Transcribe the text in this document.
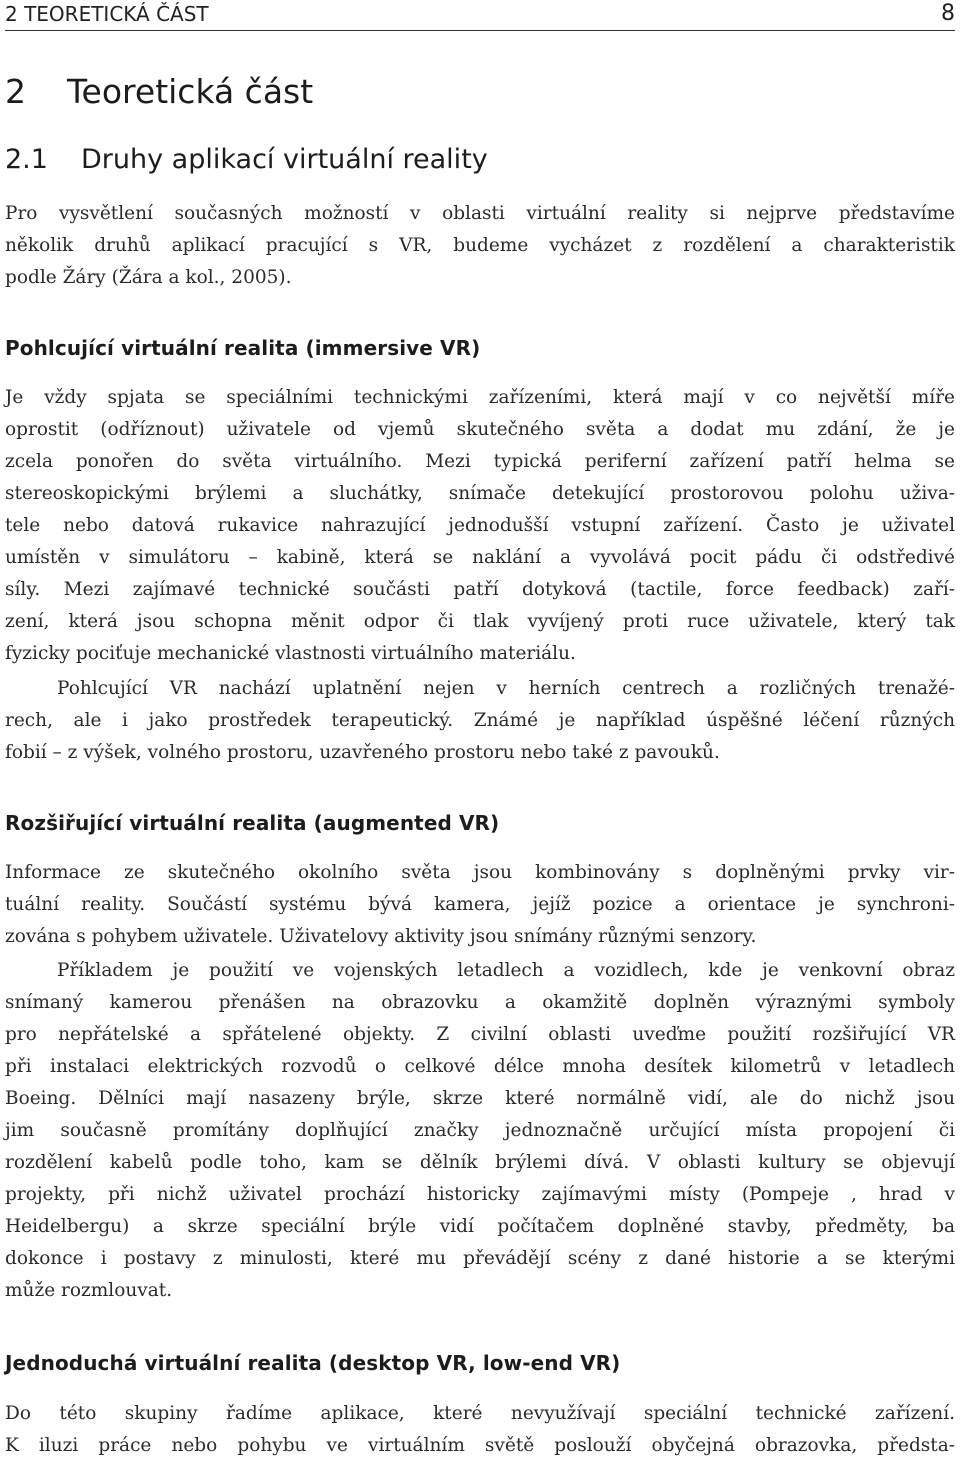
2 TEORETICKÁ ČÁST	8
2 Teoretická část
2.1 Druhy aplikací virtuální reality
Pro vysvětlení současných možností v oblasti virtuální reality si nejprve představíme
několik druhů aplikací pracující s VR, budeme vycházet z rozdělení a charakteristik
podle Žáry (Žára a kol., 2005).
Pohlcující virtuální realita (immersive VR)
Je vždy spjata se speciálními technickými zařízeními, která mají v co největší míře
oprostit (odříznout) uživatele od vjemů skutečného světa a dodat mu zdání, že je
zcela ponořen do světa virtuálního. Mezi typická periferní zařízení patří helma se
stereoskopickými brýlemi a sluchátky, snímače detekující prostorovou polohu uživa-
tele nebo datová rukavice nahrazující jednodušší vstupní zařízení. Často je uživatel
umístěn v simulátoru – kabině, která se naklání a vyvolává pocit pádu či odstředivé
síly. Mezi zajímavé technické součásti patří dotyková (tactile, force feedback) zaří-
zení, která jsou schopna měnit odpor či tlak vyvíjený proti ruce uživatele, který tak
fyzicky pociťuje mechanické vlastnosti virtuálního materiálu.
Pohlcující VR nachází uplatnění nejen v herních centrech a rozličných trenažé-
rech, ale i jako prostředek terapeutický. Známé je například úspěšné léčení různých
fobií – z výšek, volného prostoru, uzavřeného prostoru nebo také z pavouků.
Rozšiřující virtuální realita (augmented VR)
Informace ze skutečného okolního světa jsou kombinovány s doplněnými prvky vir-
tuální reality. Součástí systému bývá kamera, jejíž pozice a orientace je synchroni-
zována s pohybem uživatele. Uživatelovy aktivity jsou snímány různými senzory.
Příkladem je použití ve vojenských letadlech a vozidlech, kde je venkovní obraz
snímaný kamerou přenášen na obrazovku a okamžitě doplněn výraznými symboly
pro nepřátelské a spřátelené objekty. Z civilní oblasti uveďme použití rozšiřující VR
při instalaci elektrických rozvodů o celkové délce mnoha desítek kilometrů v letadlech
Boeing. Dělníci mají nasazeny brýle, skrze které normálně vidí, ale do nichž jsou
jim současně promítány doplňující značky jednoznačně určující místa propojení či
rozdělení kabelů podle toho, kam se dělník brýlemi dívá. V oblasti kultury se objevují
projekty, při nichž uživatel prochází historicky zajímavými místy (Pompeje , hrad v
Heidelbergu) a skrze speciální brýle vidí počítačem doplněné stavby, předměty, ba
dokonce i postavy z minulosti, které mu převádějí scény z dané historie a se kterými
může rozmlouvat.
Jednoduchá virtuální realita (desktop VR, low-end VR)
Do této skupiny řadíme aplikace, které nevyužívají speciální technické zařízení.
K iluzi práce nebo pohybu ve virtuálním světě poslouží obyčejná obrazovka, předsta-
